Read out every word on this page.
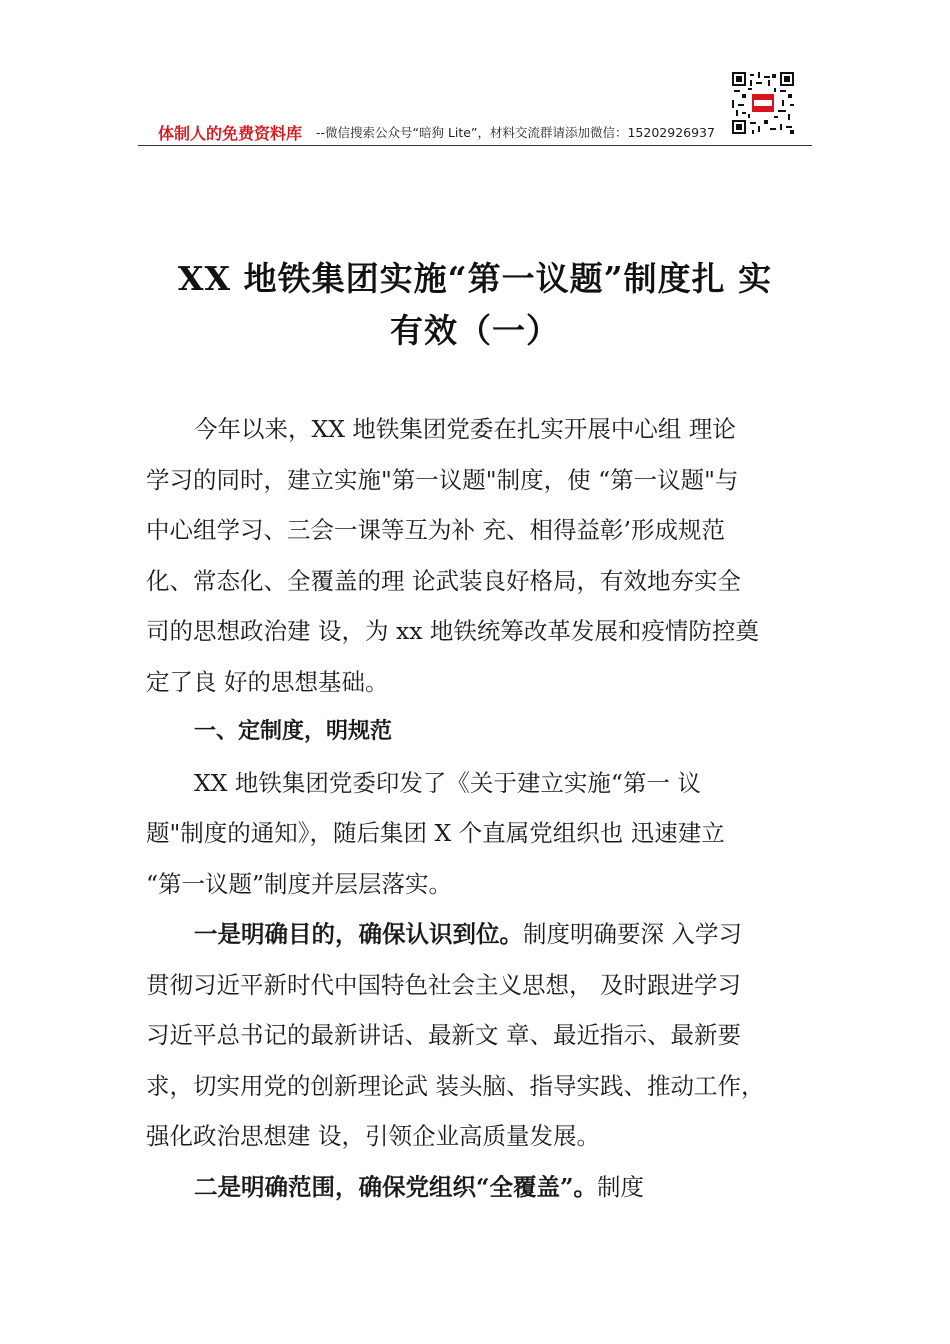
体制人的免费资料库 --微信搜索公众号“暗狗 Lite”，材料交流群请添加微信：15202926937
XX 地铁集团实施“第一议题”制度扎 实
有效（一）
今年以来，XX 地铁集团党委在扎实开展中心组 理论
学习的同时，建立实施"第一议题"制度，使 “第一议题"与
中心组学习、三会一课等互为补 充、相得益彰’形成规范
化、常态化、全覆盖的理 论武装良好格局，有效地夯实全
司的思想政治建 设，为 xx 地铁统筹改革发展和疫情防控奠
定了良 好的思想基础。
一、定制度，明规范
XX 地铁集团党委印发了《关于建立实施“第一 议
题"制度的通知》，随后集团 X 个直属党组织也 迅速建立
“第一议题”制度并层层落实。
一是明确目的，确保认识到位。制度明确要深 入学习
贯彻习近平新时代中国特色社会主义思想， 及时跟进学习
习近平总书记的最新讲话、最新文 章、最近指示、最新要
求，切实用党的创新理论武 装头脑、指导实践、推动工作，
强化政治思想建 设，引领企业高质量发展。
二是明确范围，确保党组织“全覆盖”。制度
